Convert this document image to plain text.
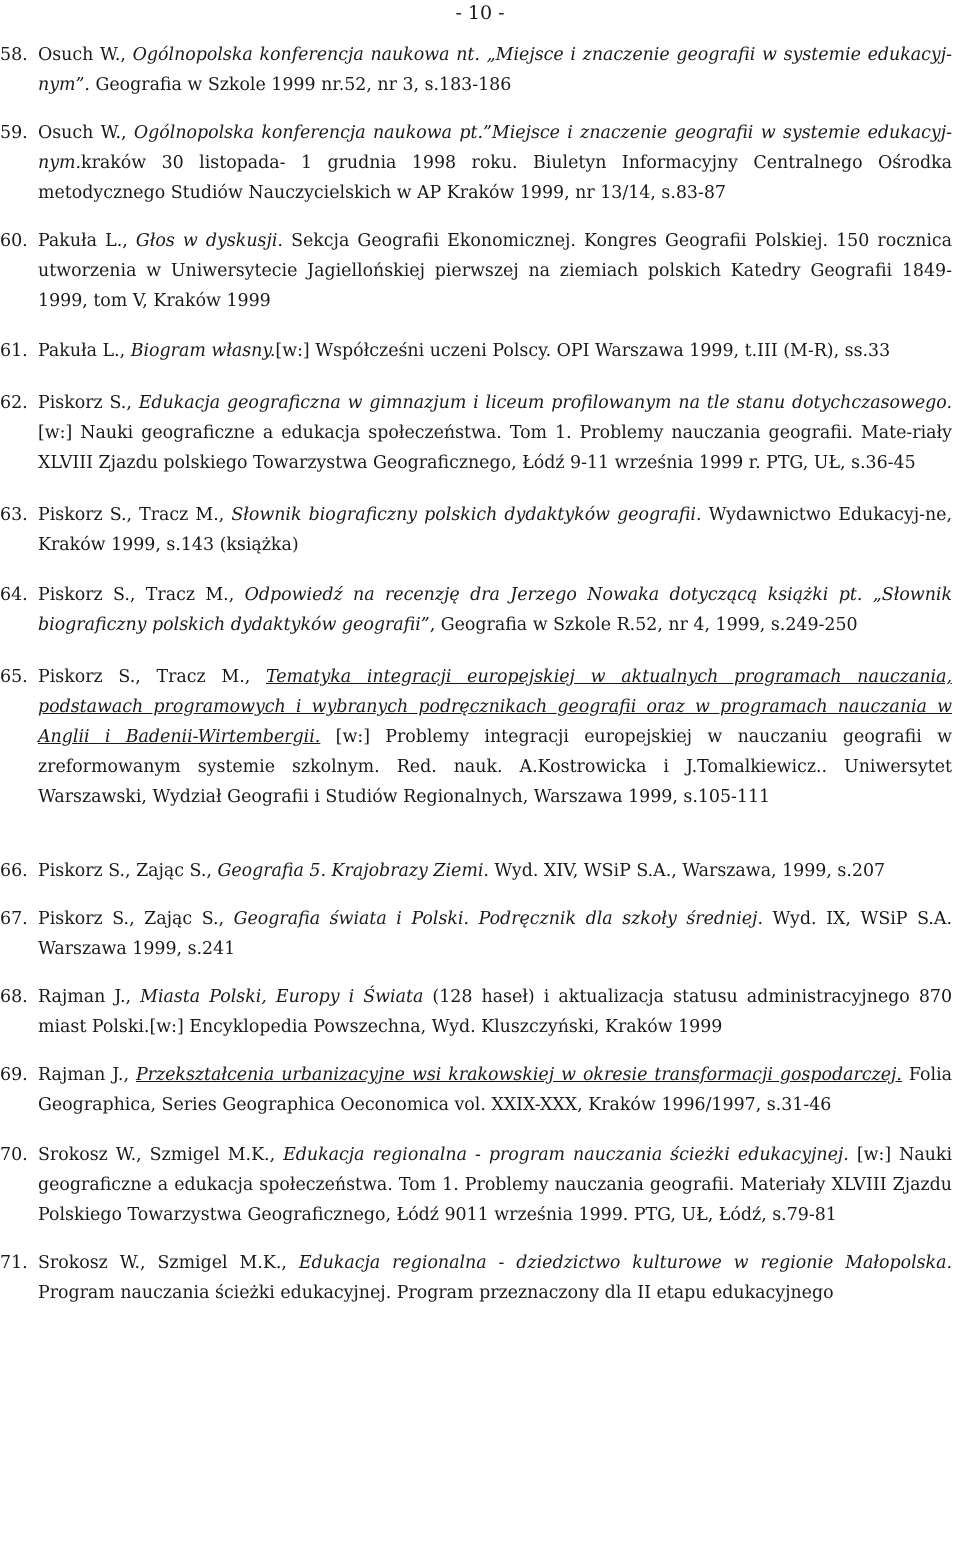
- 10 -
58. Osuch W., Ogólnopolska konferencja naukowa nt. „Miejsce i znaczenie geografii w systemie edukacyj-nym”. Geografia w Szkole 1999 nr.52, nr 3, s.183-186
59. Osuch W., Ogólnopolska konferencja naukowa pt.”Miejsce i znaczenie geografii w systemie edukacyj-nym.kraków 30 listopada- 1 grudnia 1998 roku. Biuletyn Informacyjny Centralnego Ośrodka metodycznego Studiów Nauczycielskich w AP Kraków 1999, nr 13/14, s.83-87
60. Pakuła L., Głos w dyskusji. Sekcja Geografii Ekonomicznej. Kongres Geografii Polskiej. 150 rocznica utworzenia w Uniwersytecie Jagiellońskiej pierwszej na ziemiach polskich Katedry Geografii 1849-1999, tom V, Kraków 1999
61. Pakuła L., Biogram własny.[w:] Współcześni uczeni Polscy. OPI Warszawa 1999, t.III (M-R), ss.33
62. Piskorz S., Edukacja geograficzna w gimnazjum i liceum profilowanym na tle stanu dotychczasowego. [w:] Nauki geograficzne a edukacja społeczeństwa. Tom 1. Problemy nauczania geografii. Mate-riały XLVIII Zjazdu polskiego Towarzystwa Geograficznego, Łódź 9-11 września 1999 r. PTG, UŁ, s.36-45
63. Piskorz S., Tracz M., Słownik biograficzny polskich dydaktyków geografii. Wydawnictwo Edukacyj-ne, Kraków 1999, s.143 (książka)
64. Piskorz S., Tracz M., Odpowiedź na recenzję dra Jerzego Nowaka dotyczącą książki pt. „Słownik biograficzny polskich dydaktyków geografii”, Geografia w Szkole R.52, nr 4, 1999, s.249-250
65. Piskorz S., Tracz M., Tematyka integracji europejskiej w aktualnych programach nauczania, podstawach programowych i wybranych podręcznikach geografii oraz w programach nauczania w Anglii i Badenii-Wirtembergii. [w:] Problemy integracji europejskiej w nauczaniu geografii w zreformowanym systemie szkolnym. Red. nauk. A.Kostrowicka i J.Tomalkiewicz.. Uniwersytet Warszawski, Wydział Geografii i Studiów Regionalnych, Warszawa 1999, s.105-111
66. Piskorz S., Zając S., Geografia 5. Krajobrazy Ziemi. Wyd. XIV, WSiP S.A., Warszawa, 1999, s.207
67. Piskorz S., Zając S., Geografia świata i Polski. Podręcznik dla szkoły średniej. Wyd. IX, WSiP S.A. Warszawa 1999, s.241
68. Rajman J., Miasta Polski, Europy i Świata (128 haseł) i aktualizacja statusu administracyjnego 870 miast Polski.[w:] Encyklopedia Powszechna, Wyd. Kluszczyński, Kraków 1999
69. Rajman J., Przekształcenia urbanizacyjne wsi krakowskiej w okresie transformacji gospodarczej. Folia Geographica, Series Geographica Oeconomica vol. XXIX-XXX, Kraków 1996/1997, s.31-46
70. Srokosz W., Szmigel M.K., Edukacja regionalna - program nauczania ścieżki edukacyjnej. [w:] Nauki geograficzne a edukacja społeczeństwa. Tom 1. Problemy nauczania geografii. Materiały XLVIII Zjazdu Polskiego Towarzystwa Geograficznego, Łódź 9011 września 1999. PTG, UŁ, Łódź, s.79-81
71. Srokosz W., Szmigel M.K., Edukacja regionalna - dziedzictwo kulturowe w regionie Małopolska. Program nauczania ścieżki edukacyjnej. Program przeznaczony dla II etapu edukacyjnego
